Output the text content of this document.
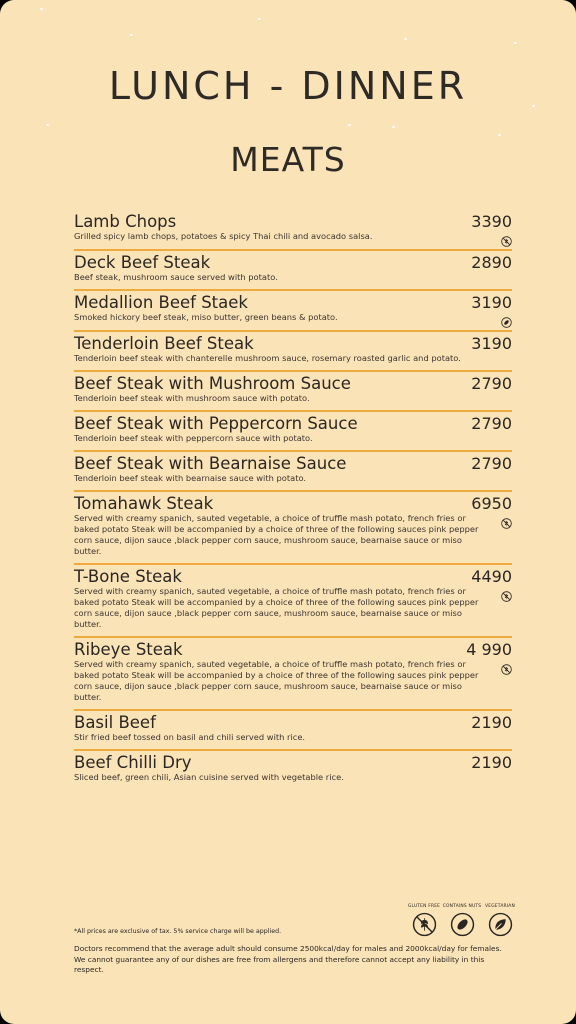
LUNCH - DINNER
MEATS
Lamb Chops	3390
Grilled spicy lamb chops, potatoes & spicy Thai chili and avocado salsa.
Deck Beef Steak	2890
Beef steak, mushroom sauce served with potato.
Medallion Beef Staek	3190
Smoked hickory beef steak, miso butter, green beans & potato.
Tenderloin Beef Steak	3190
Tenderloin beef steak with chanterelle mushroom sauce, rosemary roasted garlic and potato.
Beef Steak with Mushroom Sauce	2790
Tenderloin beef steak with mushroom sauce with potato.
Beef Steak with Peppercorn Sauce	2790
Tenderloin beef steak with peppercorn sauce with potato.
Beef Steak with Bearnaise Sauce	2790
Tenderloin beef steak with bearnaise sauce with potato.
Tomahawk Steak	6950
Served with creamy spanich, sauted vegetable, a choice of truffle mash potato, french fries or baked potato Steak will be accompanied by a choice of three of the following sauces pink pepper corn sauce, dijon sauce ,black pepper corn sauce, mushroom sauce, bearnaise sauce or miso butter.
T-Bone Steak	4490
Served with creamy spanich, sauted vegetable, a choice of truffle mash potato, french fries or baked potato Steak will be accompanied by a choice of three of the following sauces pink pepper corn sauce, dijon sauce ,black pepper corn sauce, mushroom sauce, bearnaise sauce or miso butter.
Ribeye Steak	4 990
Served with creamy spanich, sauted vegetable, a choice of truffle mash potato, french fries or baked potato Steak will be accompanied by a choice of three of the following sauces pink pepper corn sauce, dijon sauce ,black pepper corn sauce, mushroom sauce, bearnaise sauce or miso butter.
Basil Beef	2190
Stir fried beef tossed on basil and chili served with rice.
Beef Chilli Dry	2190
Sliced beef, green chili, Asian cuisine served with vegetable rice.
GLUTEN FREE CONTAINS NUTS VEGETARIAN
*All prices are exclusive of tax. 5% service charge will be applied.
Doctors recommend that the average adult should consume 2500kcal/day for males and 2000kcal/day for females. We cannot guarantee any of our dishes are free from allergens and therefore cannot accept any liability in this respect.
